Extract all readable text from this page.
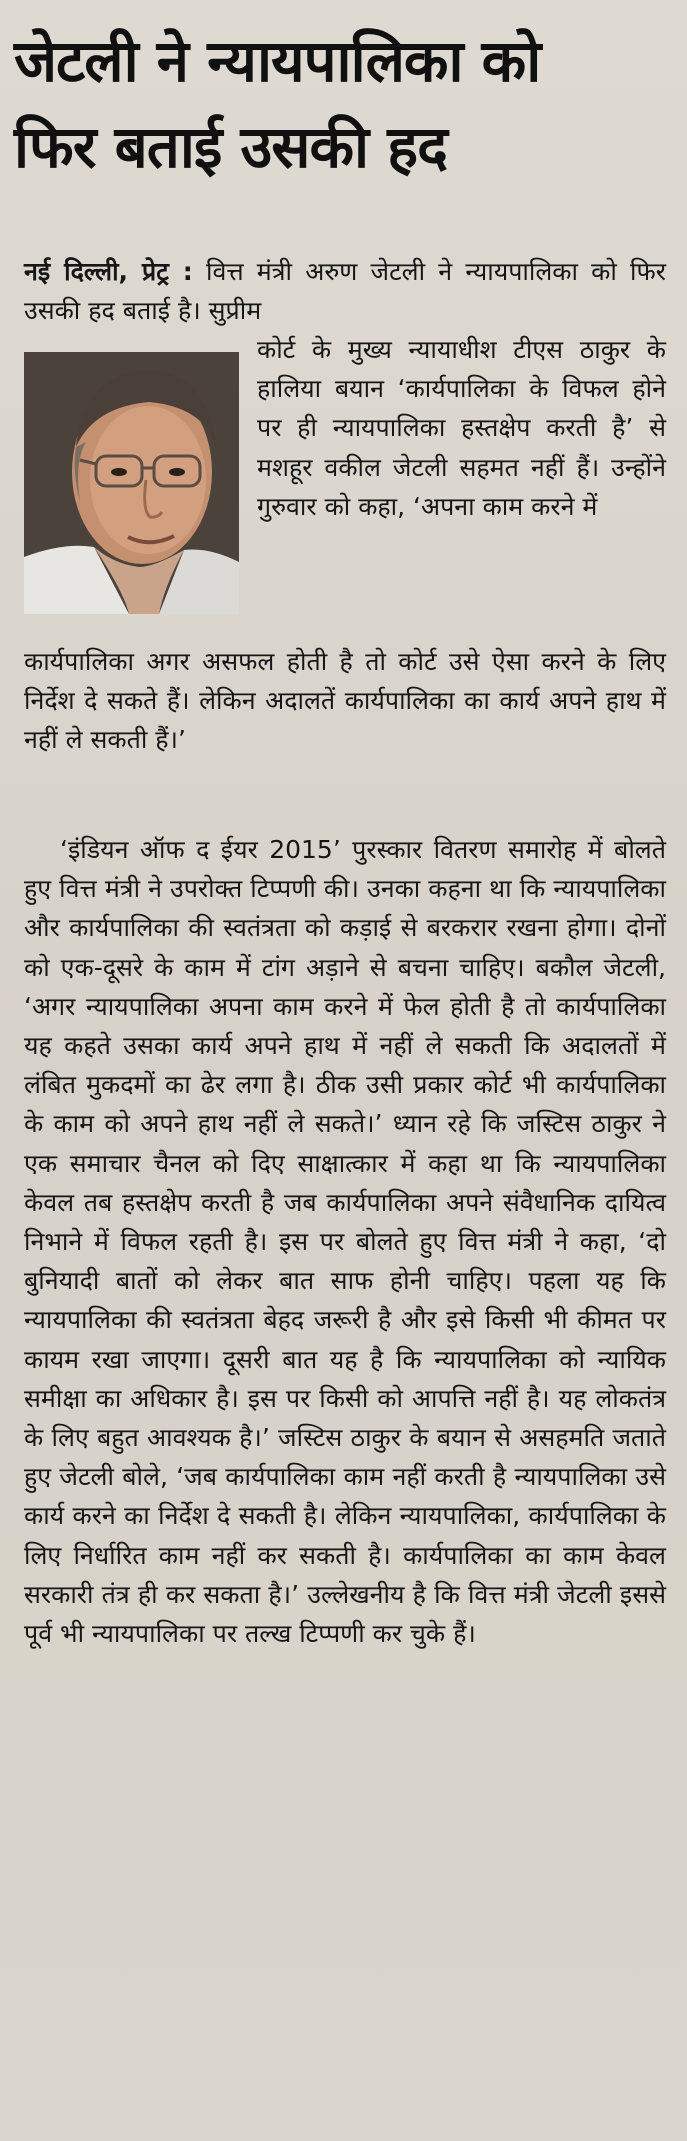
जेटली ने न्यायपालिका को
फिर बताई उसकी हद
नई दिल्ली, प्रेट्र : वित्त मंत्री अरुण जेटली ने न्यायपालिका को फिर उसकी हद बताई है। सुप्रीम
कोर्ट के मुख्य न्यायाधीश टीएस ठाकुर के हालिया बयान ‘कार्यपालिका के विफल होने पर ही न्यायपालिका हस्तक्षेप करती है’ से मशहूर वकील जेटली सहमत नहीं हैं। उन्होंने गुरुवार को कहा, ‘अपना काम करने में
कार्यपालिका अगर असफल होती है तो कोर्ट उसे ऐसा करने के लिए निर्देश दे सकते हैं। लेकिन अदालतें कार्यपालिका का कार्य अपने हाथ में नहीं ले सकती हैं।’
‘इंडियन ऑफ द ईयर 2015’ पुरस्कार वितरण समारोह में बोलते हुए वित्त मंत्री ने उपरोक्त टिप्पणी की। उनका कहना था कि न्यायपालिका और कार्यपालिका की स्वतंत्रता को कड़ाई से बरकरार रखना होगा। दोनों को एक-दूसरे के काम में टांग अड़ाने से बचना चाहिए। बकौल जेटली, ‘अगर न्यायपालिका अपना काम करने में फेल होती है तो कार्यपालिका यह कहते उसका कार्य अपने हाथ में नहीं ले सकती कि अदालतों में लंबित मुकदमों का ढेर लगा है। ठीक उसी प्रकार कोर्ट भी कार्यपालिका के काम को अपने हाथ नहीं ले सकते।’ ध्यान रहे कि जस्टिस ठाकुर ने एक समाचार चैनल को दिए साक्षात्कार में कहा था कि न्यायपालिका केवल तब हस्तक्षेप करती है जब कार्यपालिका अपने संवैधानिक दायित्व निभाने में विफल रहती है। इस पर बोलते हुए वित्त मंत्री ने कहा, ‘दो बुनियादी बातों को लेकर बात साफ होनी चाहिए। पहला यह कि न्यायपालिका की स्वतंत्रता बेहद जरूरी है और इसे किसी भी कीमत पर कायम रखा जाएगा। दूसरी बात यह है कि न्यायपालिका को न्यायिक समीक्षा का अधिकार है। इस पर किसी को आपत्ति नहीं है। यह लोकतंत्र के लिए बहुत आवश्यक है।’ जस्टिस ठाकुर के बयान से असहमति जताते हुए जेटली बोले, ‘जब कार्यपालिका काम नहीं करती है न्यायपालिका उसे कार्य करने का निर्देश दे सकती है। लेकिन न्यायपालिका, कार्यपालिका के लिए निर्धारित काम नहीं कर सकती है। कार्यपालिका का काम केवल सरकारी तंत्र ही कर सकता है।’ उल्लेखनीय है कि वित्त मंत्री जेटली इससे पूर्व भी न्यायपालिका पर तल्ख टिप्पणी कर चुके हैं।
